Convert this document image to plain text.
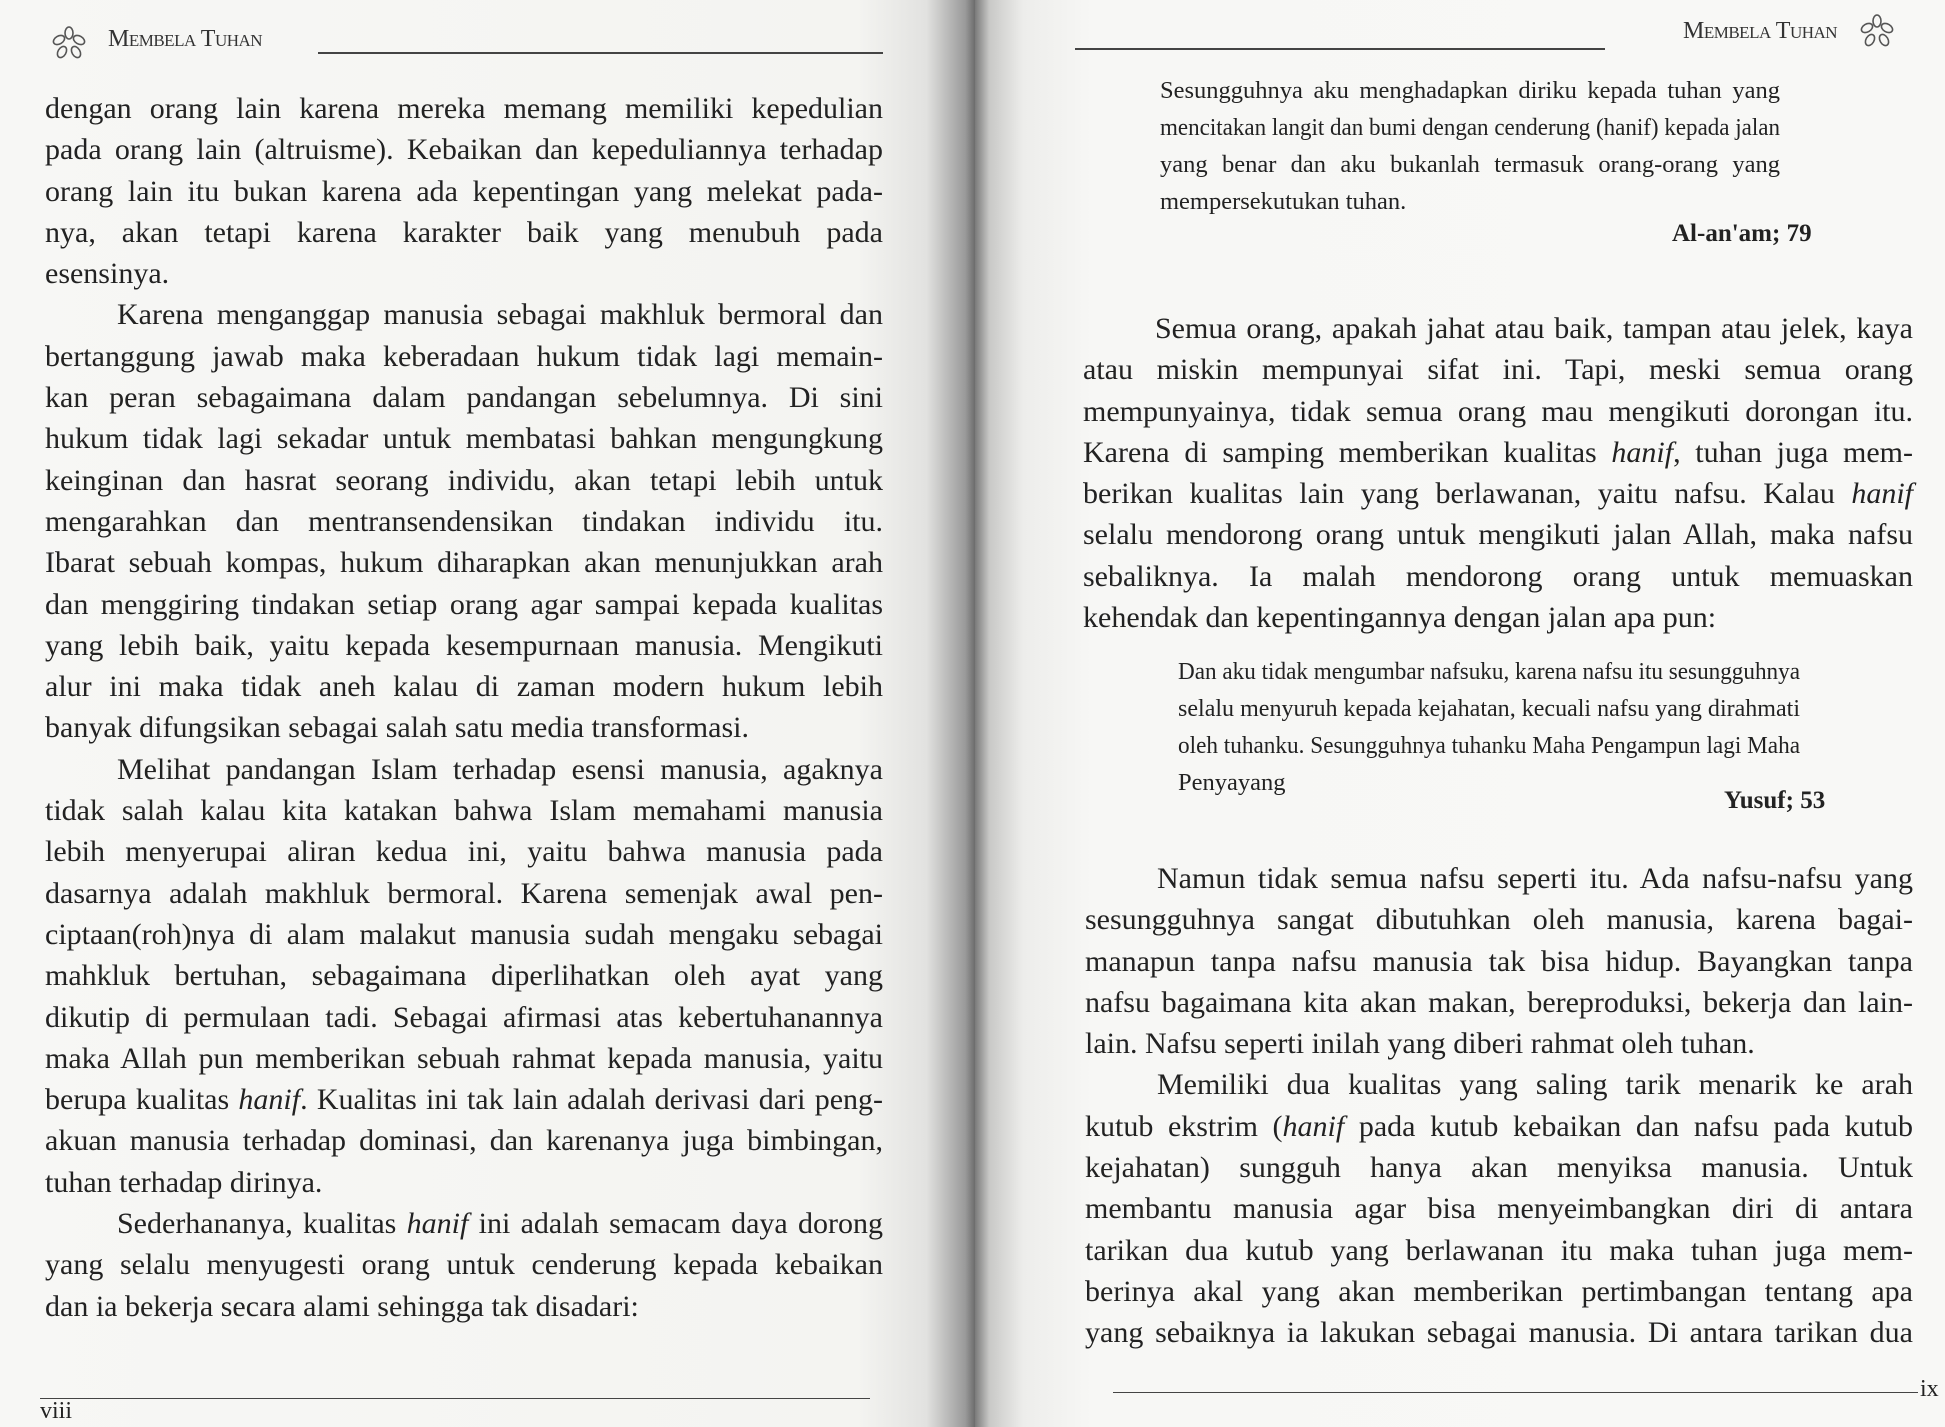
Membela Tuhan
dengan orang lain karena mereka memang memiliki kepedulian
pada orang lain (altruisme). Kebaikan dan kepeduliannya terhadap
orang lain itu bukan karena ada kepentingan yang melekat pada-
nya, akan tetapi karena karakter baik yang menubuh pada
esensinya.
Karena menganggap manusia sebagai makhluk bermoral dan
bertanggung jawab maka keberadaan hukum tidak lagi memain-
kan peran sebagaimana dalam pandangan sebelumnya. Di sini
hukum tidak lagi sekadar untuk membatasi bahkan mengungkung
keinginan dan hasrat seorang individu, akan tetapi lebih untuk
mengarahkan dan mentransendensikan tindakan individu itu.
Ibarat sebuah kompas, hukum diharapkan akan menunjukkan arah
dan menggiring tindakan setiap orang agar sampai kepada kualitas
yang lebih baik, yaitu kepada kesempurnaan manusia. Mengikuti
alur ini maka tidak aneh kalau di zaman modern hukum lebih
banyak difungsikan sebagai salah satu media transformasi.
Melihat pandangan Islam terhadap esensi manusia, agaknya
tidak salah kalau kita katakan bahwa Islam memahami manusia
lebih menyerupai aliran kedua ini, yaitu bahwa manusia pada
dasarnya adalah makhluk bermoral. Karena semenjak awal pen-
ciptaan(roh)nya di alam malakut manusia sudah mengaku sebagai
mahkluk bertuhan, sebagaimana diperlihatkan oleh ayat yang
dikutip di permulaan tadi. Sebagai afirmasi atas kebertuhanannya
maka Allah pun memberikan sebuah rahmat kepada manusia, yaitu
berupa kualitas hanif. Kualitas ini tak lain adalah derivasi dari peng-
akuan manusia terhadap dominasi, dan karenanya juga bimbingan,
tuhan terhadap dirinya.
Sederhananya, kualitas hanif ini adalah semacam daya dorong
yang selalu menyugesti orang untuk cenderung kepada kebaikan
dan ia bekerja secara alami sehingga tak disadari:
viii
Membela Tuhan
Sesungguhnya aku menghadapkan diriku kepada tuhan yang
mencitakan langit dan bumi dengan cenderung (hanif) kepada jalan
yang benar dan aku bukanlah termasuk orang-orang yang
mempersekutukan tuhan.
Al-an'am; 79
Semua orang, apakah jahat atau baik, tampan atau jelek, kaya
atau miskin mempunyai sifat ini. Tapi, meski semua orang
mempunyainya, tidak semua orang mau mengikuti dorongan itu.
Karena di samping memberikan kualitas hanif, tuhan juga mem-
berikan kualitas lain yang berlawanan, yaitu nafsu. Kalau hanif
selalu mendorong orang untuk mengikuti jalan Allah, maka nafsu
sebaliknya. Ia malah mendorong orang untuk memuaskan
kehendak dan kepentingannya dengan jalan apa pun:
Dan aku tidak mengumbar nafsuku, karena nafsu itu sesungguhnya
selalu menyuruh kepada kejahatan, kecuali nafsu yang dirahmati
oleh tuhanku. Sesungguhnya tuhanku Maha Pengampun lagi Maha
Penyayang
Yusuf; 53
Namun tidak semua nafsu seperti itu. Ada nafsu-nafsu yang
sesungguhnya sangat dibutuhkan oleh manusia, karena bagai-
manapun tanpa nafsu manusia tak bisa hidup. Bayangkan tanpa
nafsu bagaimana kita akan makan, bereproduksi, bekerja dan lain-
lain. Nafsu seperti inilah yang diberi rahmat oleh tuhan.
Memiliki dua kualitas yang saling tarik menarik ke arah
kutub ekstrim (hanif pada kutub kebaikan dan nafsu pada kutub
kejahatan) sungguh hanya akan menyiksa manusia. Untuk
membantu manusia agar bisa menyeimbangkan diri di antara
tarikan dua kutub yang berlawanan itu maka tuhan juga mem-
berinya akal yang akan memberikan pertimbangan tentang apa
yang sebaiknya ia lakukan sebagai manusia. Di antara tarikan dua
ix
